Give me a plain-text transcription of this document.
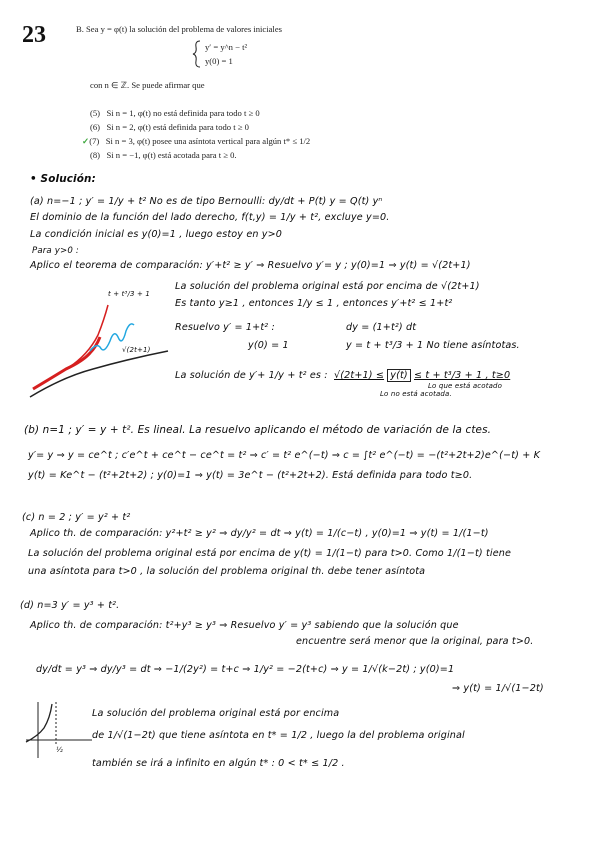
23	B. Sea y = φ(t) la solución del problema de valores iniciales
y′ = y^n − t²
y(0) = 1
con n ∈ ℤ. Se puede afirmar que
(5) Si n = 1, φ(t) no está definida para todo t ≥ 0
(6) Si n = 2, φ(t) está definida para todo t ≥ 0
✓(7) Si n = 3, φ(t) posee una asíntota vertical para algún t* ≤ 1/2
(8) Si n = −1, φ(t) está acotada para t ≥ 0.
• Solución:
(a) n=−1 ; y′ = 1/y + t² No es de tipo Bernoulli: dy/dt + P(t) y = Q(t) yⁿ
El dominio de la función del lado derecho, f(t,y) = 1/y + t², excluye y=0.
La condición inicial es y(0)=1 , luego estoy en y>0
Para y>0 :
Aplico el teorema de comparación: y′+t² ≥ y′ ⇒ Resuelvo y′= y ; y(0)=1 ⇒ y(t) = √(2t+1)
La solución del problema original está por encima de √(2t+1)
Es tanto y≥1 , entonces 1/y ≤ 1 , entonces y′+t² ≤ 1+t²
Resuelvo y′ = 1+t² :	dy = (1+t²) dt
y(0) = 1	y = t + t³/3 + 1 No tiene asíntotas.
La solución de y′+ 1/y + t² es : √(2t+1) ≤ y(t) ≤ t + t³/3 + 1 , t≥0
Lo que está acotado
Lo no está acotada.
t + t³/3 + 1
√(2t+1)
(b) n=1 ; y′ = y + t². Es lineal. La resuelvo aplicando el método de variación de la ctes.
y′= y ⇒ y = ce^t ; c′e^t + ce^t − ce^t = t² ⇒ c′ = t² e^(−t) ⇒ c = ∫t² e^(−t) = −(t²+2t+2)e^(−t) + K
y(t) = Ke^t − (t²+2t+2) ; y(0)=1 ⇒ y(t) = 3e^t − (t²+2t+2). Está definida para todo t≥0.
(c) n = 2 ; y′ = y² + t²
Aplico th. de comparación: y²+t² ≥ y² ⇒ dy/y² = dt ⇒ y(t) = 1/(c−t) , y(0)=1 ⇒ y(t) = 1/(1−t)
La solución del problema original está por encima de y(t) = 1/(1−t) para t>0. Como 1/(1−t) tiene
una asíntota para t>0 , la solución del problema original th. debe tener asíntota
(d) n=3 y′ = y³ + t².
Aplico th. de comparación: t²+y³ ≥ y³ ⇒ Resuelvo y′ = y³ sabiendo que la solución que
encuentre será menor que la original, para t>0.
dy/dt = y³ ⇒ dy/y³ = dt ⇒ −1/(2y²) = t+c ⇒ 1/y² = −2(t+c) ⇒ y = 1/√(k−2t) ; y(0)=1
⇒ y(t) = 1/√(1−2t)
½
La solución del problema original está por encima
de 1/√(1−2t) que tiene asíntota en t* = 1/2 , luego la del problema original
también se irá a infinito en algún t* : 0 < t* ≤ 1/2 .
